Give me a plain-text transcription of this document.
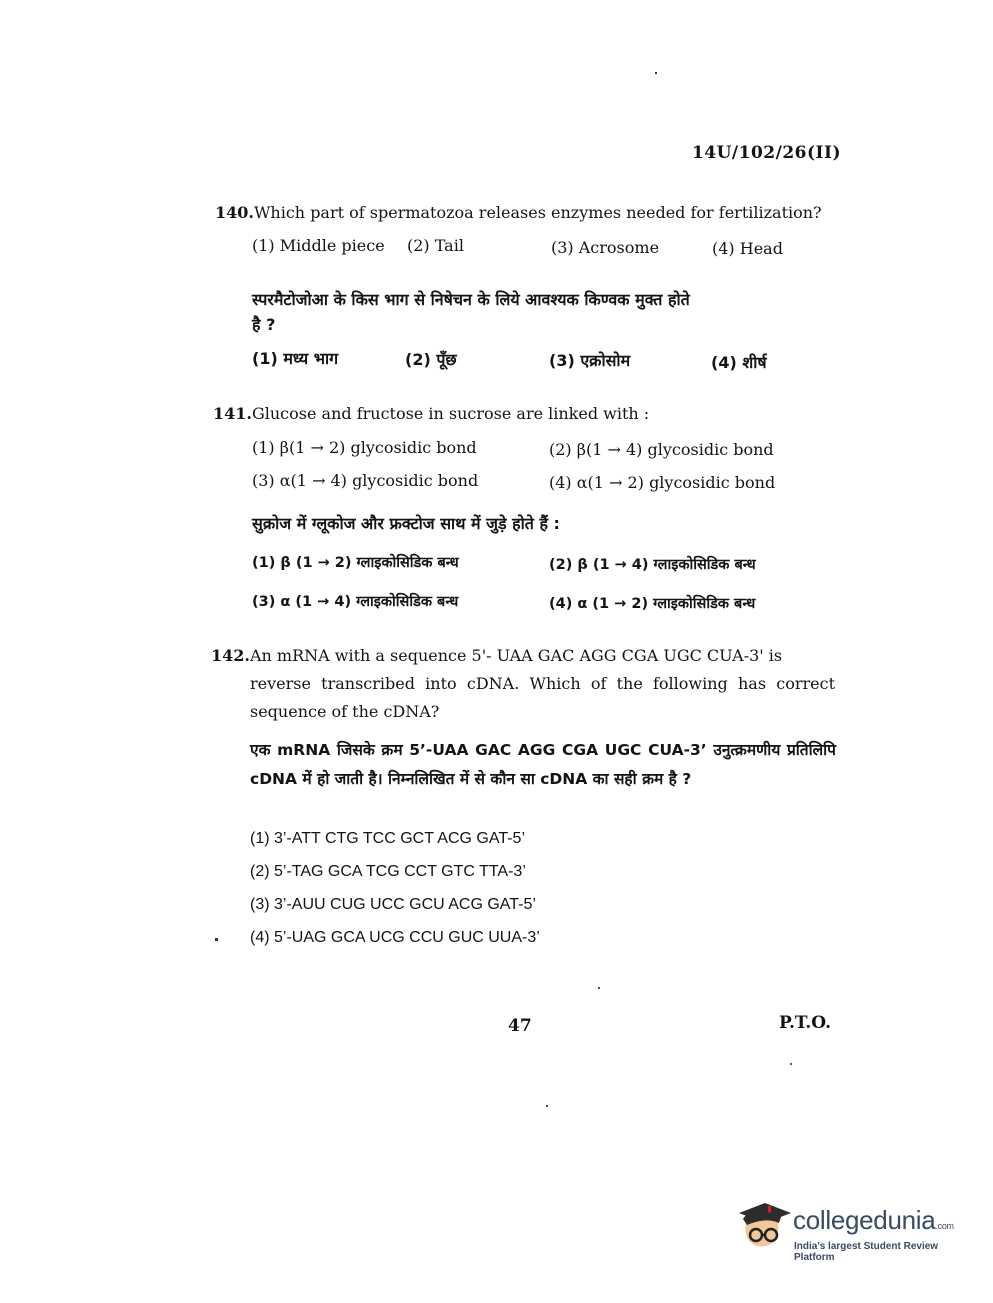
14U/102/26(II)
140.Which part of spermatozoa releases enzymes needed for fertilization?
(1) Middle piece (2) Tail	(3) Acrosome	(4) Head
स्परमैटोजोआ के किस भाग से निषेचन के लिये आवश्यक किण्वक मुक्त होते
है ?
(1) मध्य भाग	(2) पूँछ	(3) एक्रोसोम	(4) शीर्ष
141.Glucose and fructose in sucrose are linked with :
(1) β(1 → 2) glycosidic bond	(2) β(1 → 4) glycosidic bond
(3) α(1 → 4) glycosidic bond	(4) α(1 → 2) glycosidic bond
सुक्रोज में ग्लूकोज और फ्रक्टोज साथ में जुड़े होते हैं :
(1) β (1 → 2) ग्लाइकोसिडिक बन्ध	(2) β (1 → 4) ग्लाइकोसिडिक बन्ध
(3) α (1 → 4) ग्लाइकोसिडिक बन्ध	(4) α (1 → 2) ग्लाइकोसिडिक बन्ध
142.An mRNA with a sequence 5'- UAA GAC AGG CGA UGC CUA-3' is
reverse transcribed into cDNA. Which of the following has correct sequence of the cDNA?
एक mRNA जिसके क्रम 5’-UAA GAC AGG CGA UGC CUA-3’ उनुत्क्रमणीय प्रतिलिपि cDNA में हो जाती है। निम्नलिखित में से कौन सा cDNA का सही क्रम है ?
(1) 3’-ATT CTG TCC GCT ACG GAT-5’
(2) 5’-TAG GCA TCG CCT GTC TTA-3’
(3) 3’-AUU CUG UCC GCU ACG GAT-5’
(4) 5’-UAG GCA UCG CCU GUC UUA-3’
47	P.T.O.
collegedunia.com
India's largest Student Review Platform
